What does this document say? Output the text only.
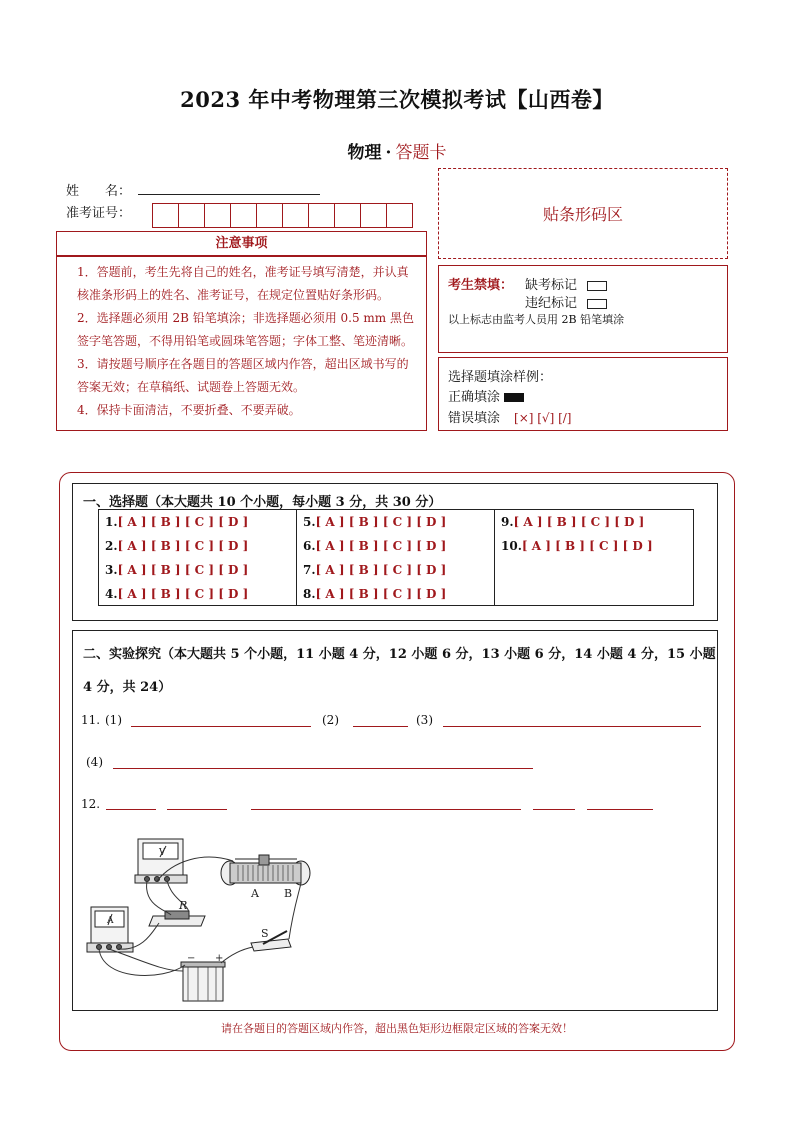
2023 年中考物理第三次模拟考试【山西卷】
物理 · 答题卡
姓　　名：
准考证号：	贴条形码区
注意事项

1．答题前，考生先将自己的姓名，准考证号填写清楚，并认真核准条形码上的姓名、准考证号，在规定位置贴好条形码。

2．选择题必须用 2B 铅笔填涂；非选择题必须用 0.5 mm 黑色签字笔答题，不得用铅笔或圆珠笔答题；字体工整、笔迹清晰。

3．请按题号顺序在各题目的答题区域内作答，超出区域书写的答案无效；在草稿纸、试题卷上答题无效。

4．保持卡面清洁，不要折叠、不要弄破。

考生禁填： 缺考标记
违纪标记
以上标志由监考人员用 2B 铅笔填涂
选择题填涂样例：
正确填涂
错误填涂 [×] [√] [/]
一、选择题（本大题共 10 个小题，每小题 3 分，共 30 分）
1.[ A ] [ B ] [ C ] [ D ]
2.[ A ] [ B ] [ C ] [ D ]
3.[ A ] [ B ] [ C ] [ D ]
4.[ A ] [ B ] [ C ] [ D ]
5.[ A ] [ B ] [ C ] [ D ]
6.[ A ] [ B ] [ C ] [ D ]
7.[ A ] [ B ] [ C ] [ D ]
8.[ A ] [ B ] [ C ] [ D ]
9.[ A ] [ B ] [ C ] [ D ]
10.[ A ] [ B ] [ C ] [ D ]
二、实验探究（本大题共 5 个小题，11 小题 4 分，12 小题 6 分，13 小题 6 分，14 小题 4 分，15 小题
4 分，共 24）
11. (1)	(2)	(3)
(4)
12.
V
A
R
A B
S
− +
请在各题目的答题区域内作答，超出黑色矩形边框限定区域的答案无效！
